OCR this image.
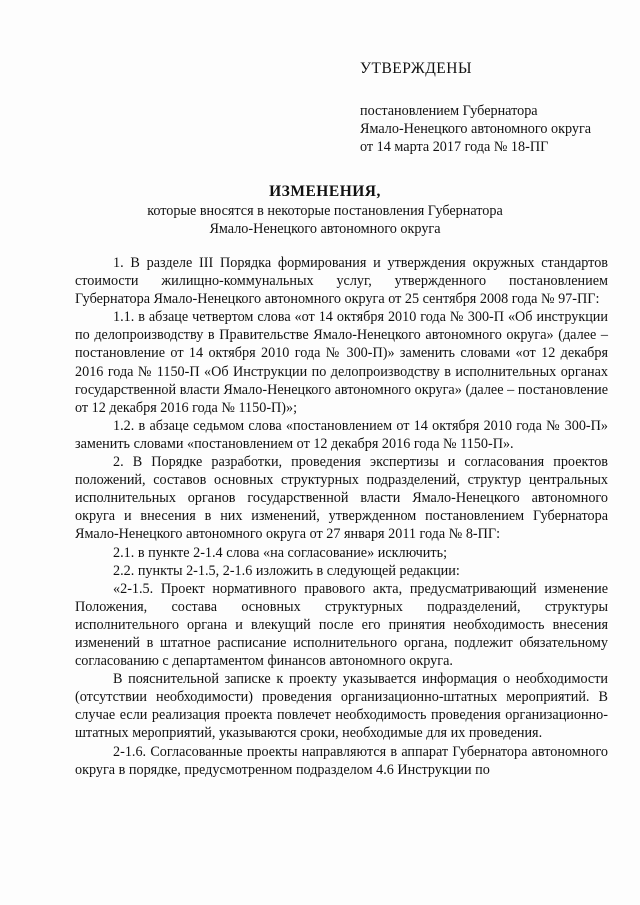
УТВЕРЖДЕНЫ

постановлением Губернатора

Ямало-Ненецкого автономного округа

от 14 марта 2017 года № 18-ПГ

ИЗМЕНЕНИЯ,

которые вносятся в некоторые постановления Губернатора

Ямало-Ненецкого автономного округа

1. В разделе III Порядка формирования и утверждения окружных стандартов стоимости жилищно-коммунальных услуг, утвержденного постановлением Губернатора Ямало-Ненецкого автономного округа от 25 сентября 2008 года № 97-ПГ:

1.1. в абзаце четвертом слова «от 14 октября 2010 года № 300-П «Об инструкции по делопроизводству в Правительстве Ямало-Ненецкого автономного округа» (далее – постановление от 14 октября 2010 года № 300-П)» заменить словами «от 12 декабря 2016 года № 1150-П «Об Инструкции по делопроизводству в исполнительных органах государственной власти Ямало-Ненецкого автономного округа» (далее – постановление от 12 декабря 2016 года № 1150-П)»;

1.2. в абзаце седьмом слова «постановлением от 14 октября 2010 года № 300-П» заменить словами «постановлением от 12 декабря 2016 года № 1150-П».

2. В Порядке разработки, проведения экспертизы и согласования проектов положений, составов основных структурных подразделений, структур центральных исполнительных органов государственной власти Ямало-Ненецкого автономного округа и внесения в них изменений, утвержденном постановлением Губернатора Ямало-Ненецкого автономного округа от 27 января 2011 года № 8-ПГ:

2.1. в пункте 2-1.4 слова «на согласование» исключить;

2.2. пункты 2-1.5, 2-1.6 изложить в следующей редакции:

«2-1.5. Проект нормативного правового акта, предусматривающий изменение Положения, состава основных структурных подразделений, структуры исполнительного органа и влекущий после его принятия необходимость внесения изменений в штатное расписание исполнительного органа, подлежит обязательному согласованию с департаментом финансов автономного округа.

В пояснительной записке к проекту указывается информация о необходимости (отсутствии необходимости) проведения организационно-штатных мероприятий. В случае если реализация проекта повлечет необходимость проведения организационно-штатных мероприятий, указываются сроки, необходимые для их проведения.

2-1.6. Согласованные проекты направляются в аппарат Губернатора автономного округа в порядке, предусмотренном подразделом 4.6 Инструкции по
